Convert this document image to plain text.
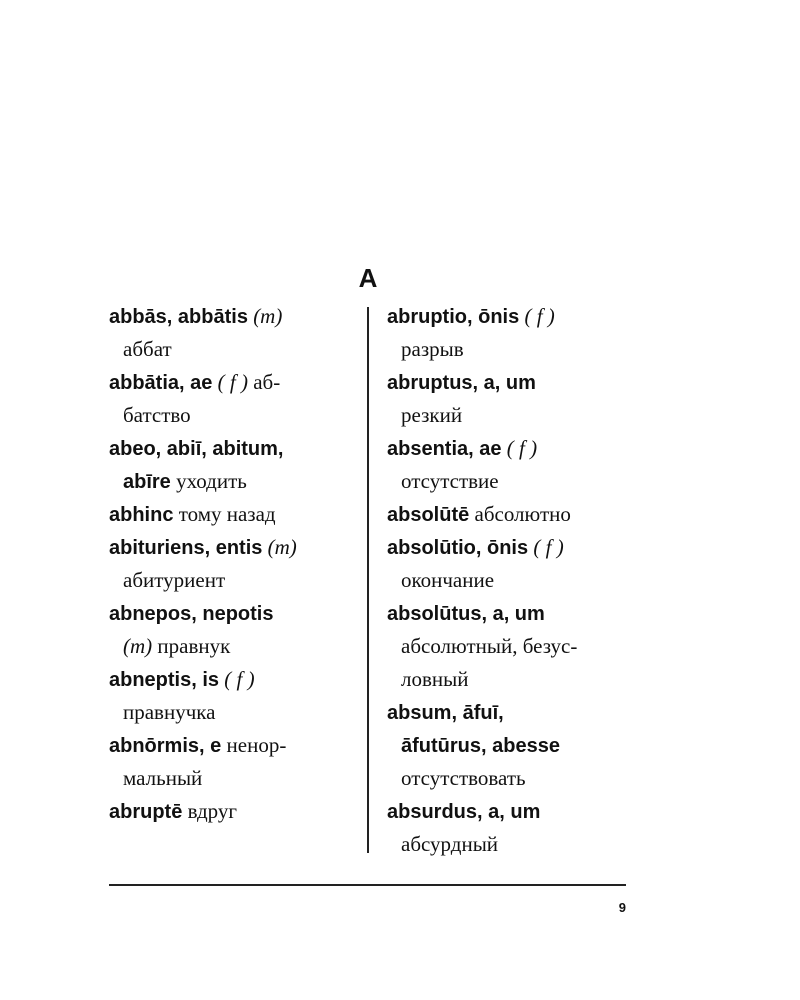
A
abbās, abbātis (m)
аббат
abbātia, ae ( f ) аб-
батство
abeo, abiī, abitum,
abīre уходить
abhinc тому назад
abituriens, entis (m)
абитуриент
abnepos, nepotis
(m) правнук
abneptis, is ( f )
правнучка
abnōrmis, e ненор-
мальный
abruptē вдруг
abruptio, ōnis ( f )
разрыв
abruptus, a, um
резкий
absentia, ae ( f )
отсутствие
absolūtē абсолютно
absolūtio, ōnis ( f )
окончание
absolūtus, a, um
абсолютный, безус-
ловный
absum, āfuī,
āfutūrus, abesse
отсутствовать
absurdus, a, um
абсурдный
9
